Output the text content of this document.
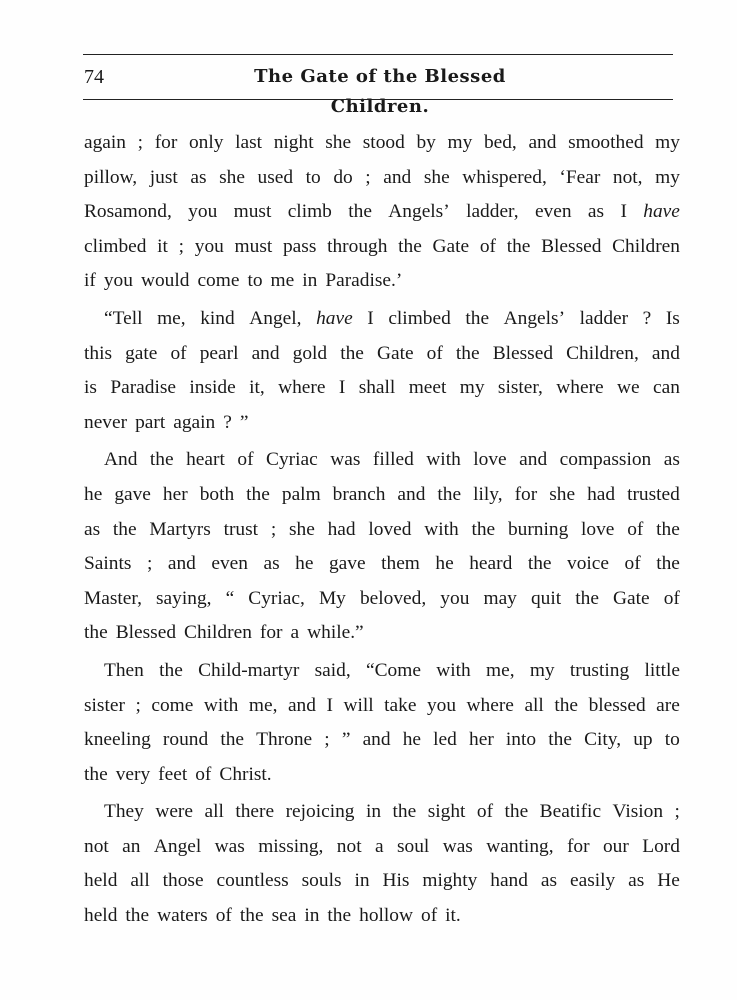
74	The Gate of the Blessed Children.
again ; for only last night she stood by my bed, and smoothed my
pillow, just as she used to do ; and she whispered, ‘Fear not, my
Rosamond, you must climb the Angels’ ladder, even as I have
climbed it ; you must pass through the Gate of the Blessed Children
if you would come to me in Paradise.’
“Tell me, kind Angel, have I climbed the Angels’ ladder ? Is
this gate of pearl and gold the Gate of the Blessed Children, and
is Paradise inside it, where I shall meet my sister, where we can
never part again ? ”
And the heart of Cyriac was filled with love and compassion as
he gave her both the palm branch and the lily, for she had trusted
as the Martyrs trust ; she had loved with the burning love of the
Saints ; and even as he gave them he heard the voice of the
Master, saying, “ Cyriac, My beloved, you may quit the Gate of
the Blessed Children for a while.”
Then the Child-martyr said, “Come with me, my trusting little
sister ; come with me, and I will take you where all the blessed are
kneeling round the Throne ; ” and he led her into the City, up to
the very feet of Christ.
They were all there rejoicing in the sight of the Beatific Vision ;
not an Angel was missing, not a soul was wanting, for our Lord
held all those countless souls in His mighty hand as easily as He
held the waters of the sea in the hollow of it.
